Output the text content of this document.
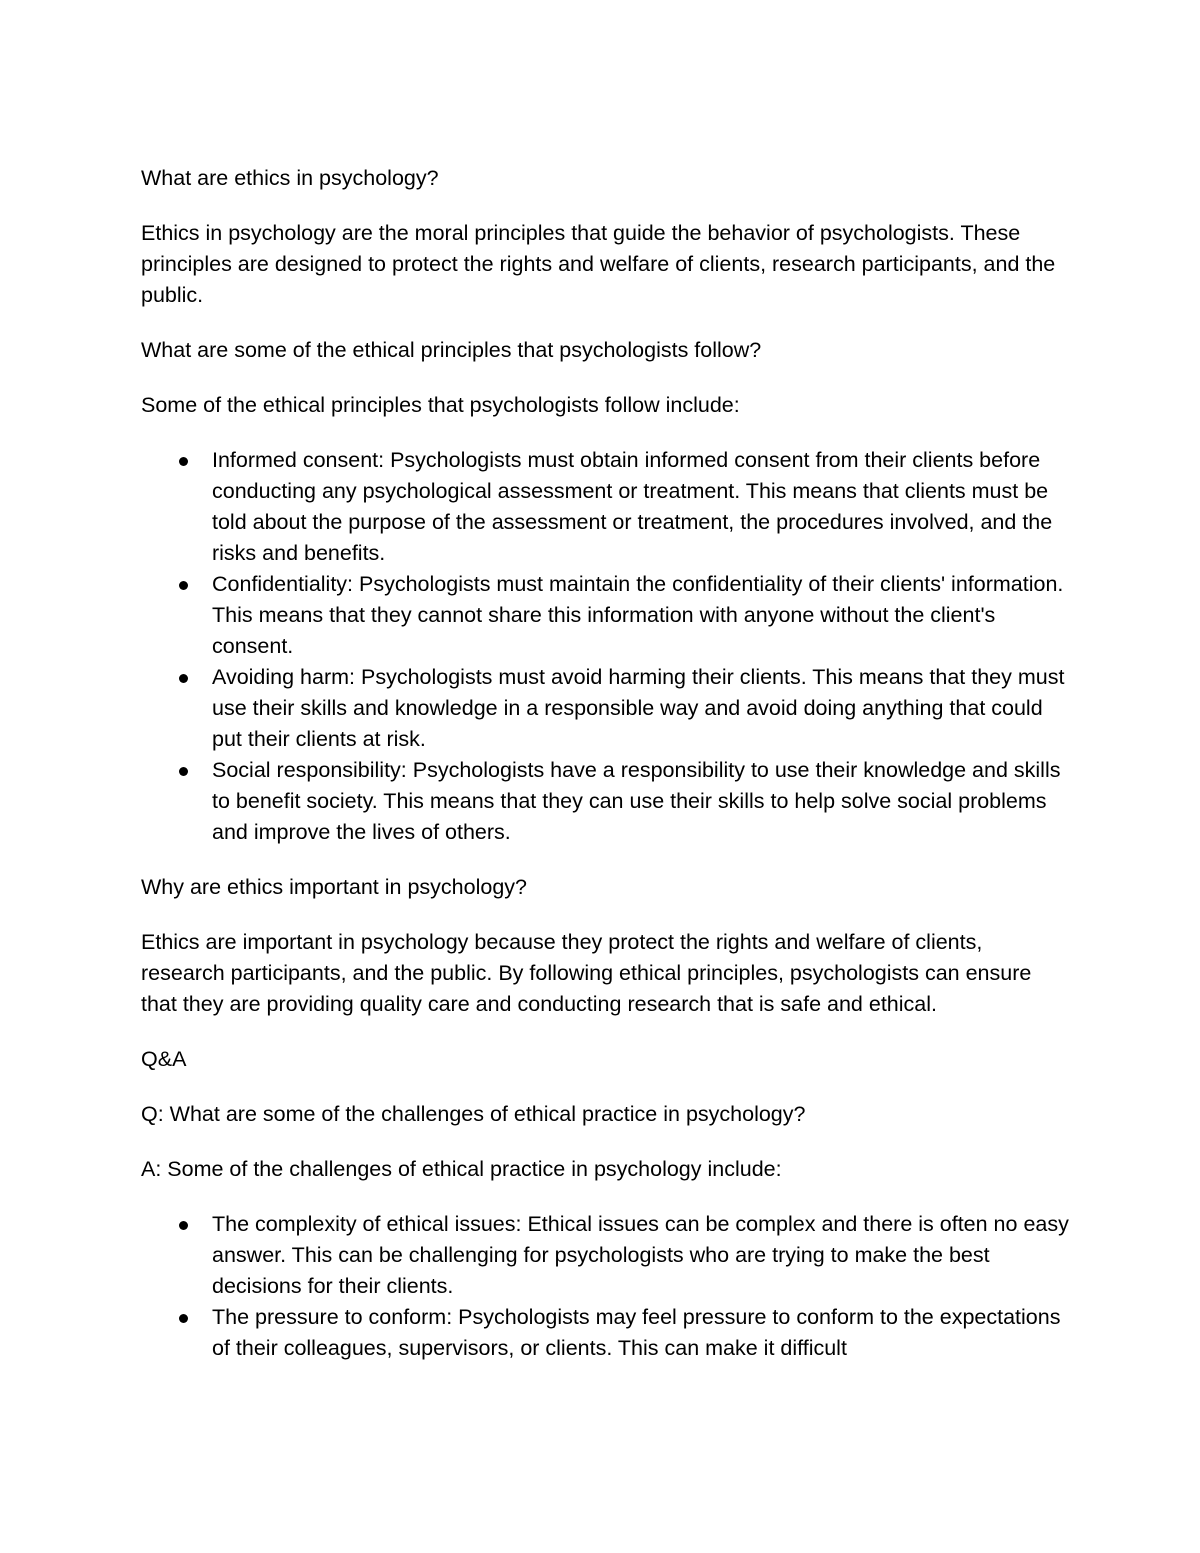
What are ethics in psychology?

Ethics in psychology are the moral principles that guide the behavior of psychologists. These principles are designed to protect the rights and welfare of clients, research participants, and the public.

What are some of the ethical principles that psychologists follow?

Some of the ethical principles that psychologists follow include:

Informed consent: Psychologists must obtain informed consent from their clients before conducting any psychological assessment or treatment. This means that clients must be told about the purpose of the assessment or treatment, the procedures involved, and the risks and benefits.
Confidentiality: Psychologists must maintain the confidentiality of their clients' information. This means that they cannot share this information with anyone without the client's consent.
Avoiding harm: Psychologists must avoid harming their clients. This means that they must use their skills and knowledge in a responsible way and avoid doing anything that could put their clients at risk.
Social responsibility: Psychologists have a responsibility to use their knowledge and skills to benefit society. This means that they can use their skills to help solve social problems and improve the lives of others.

Why are ethics important in psychology?

Ethics are important in psychology because they protect the rights and welfare of clients, research participants, and the public. By following ethical principles, psychologists can ensure that they are providing quality care and conducting research that is safe and ethical.

Q&A

Q: What are some of the challenges of ethical practice in psychology?

A: Some of the challenges of ethical practice in psychology include:

The complexity of ethical issues: Ethical issues can be complex and there is often no easy answer. This can be challenging for psychologists who are trying to make the best decisions for their clients.
The pressure to conform: Psychologists may feel pressure to conform to the expectations of their colleagues, supervisors, or clients. This can make it difficult
